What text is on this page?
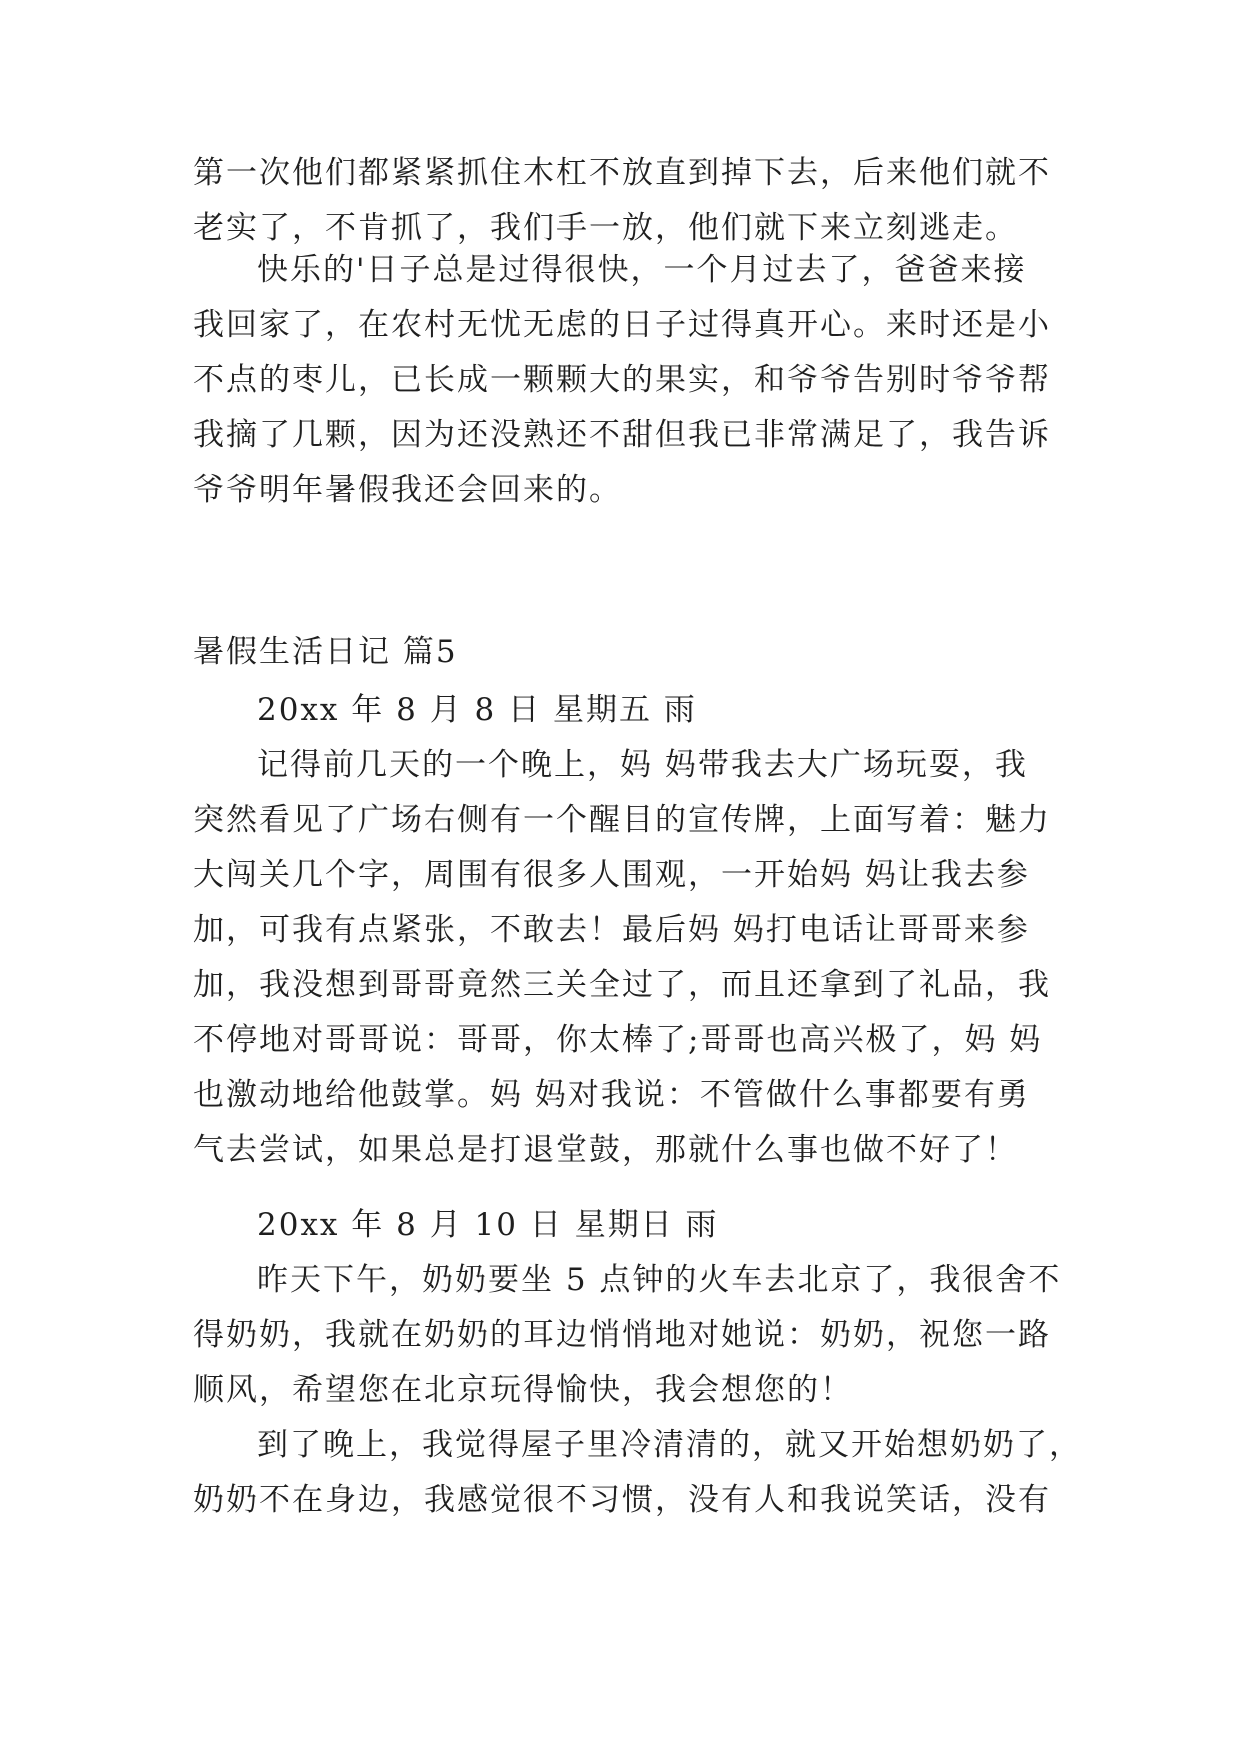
第一次他们都紧紧抓住木杠不放直到掉下去，后来他们就不
老实了，不肯抓了，我们手一放，他们就下来立刻逃走。
快乐的'日子总是过得很快，一个月过去了，爸爸来接
我回家了，在农村无忧无虑的日子过得真开心。来时还是小
不点的枣儿，已长成一颗颗大的果实，和爷爷告别时爷爷帮
我摘了几颗，因为还没熟还不甜但我已非常满足了，我告诉
爷爷明年暑假我还会回来的。
暑假生活日记 篇5
20xx 年 8 月 8 日 星期五 雨
记得前几天的一个晚上，妈 妈带我去大广场玩耍，我
突然看见了广场右侧有一个醒目的宣传牌，上面写着：魅力
大闯关几个字，周围有很多人围观，一开始妈 妈让我去参
加，可我有点紧张，不敢去！最后妈 妈打电话让哥哥来参
加，我没想到哥哥竟然三关全过了，而且还拿到了礼品，我
不停地对哥哥说：哥哥，你太棒了;哥哥也高兴极了，妈 妈
也激动地给他鼓掌。妈 妈对我说：不管做什么事都要有勇
气去尝试，如果总是打退堂鼓，那就什么事也做不好了！
20xx 年 8 月 10 日 星期日 雨
昨天下午，奶奶要坐 5 点钟的火车去北京了，我很舍不
得奶奶，我就在奶奶的耳边悄悄地对她说：奶奶，祝您一路
顺风，希望您在北京玩得愉快，我会想您的！
到了晚上，我觉得屋子里冷清清的，就又开始想奶奶了，
奶奶不在身边，我感觉很不习惯，没有人和我说笑话，没有
